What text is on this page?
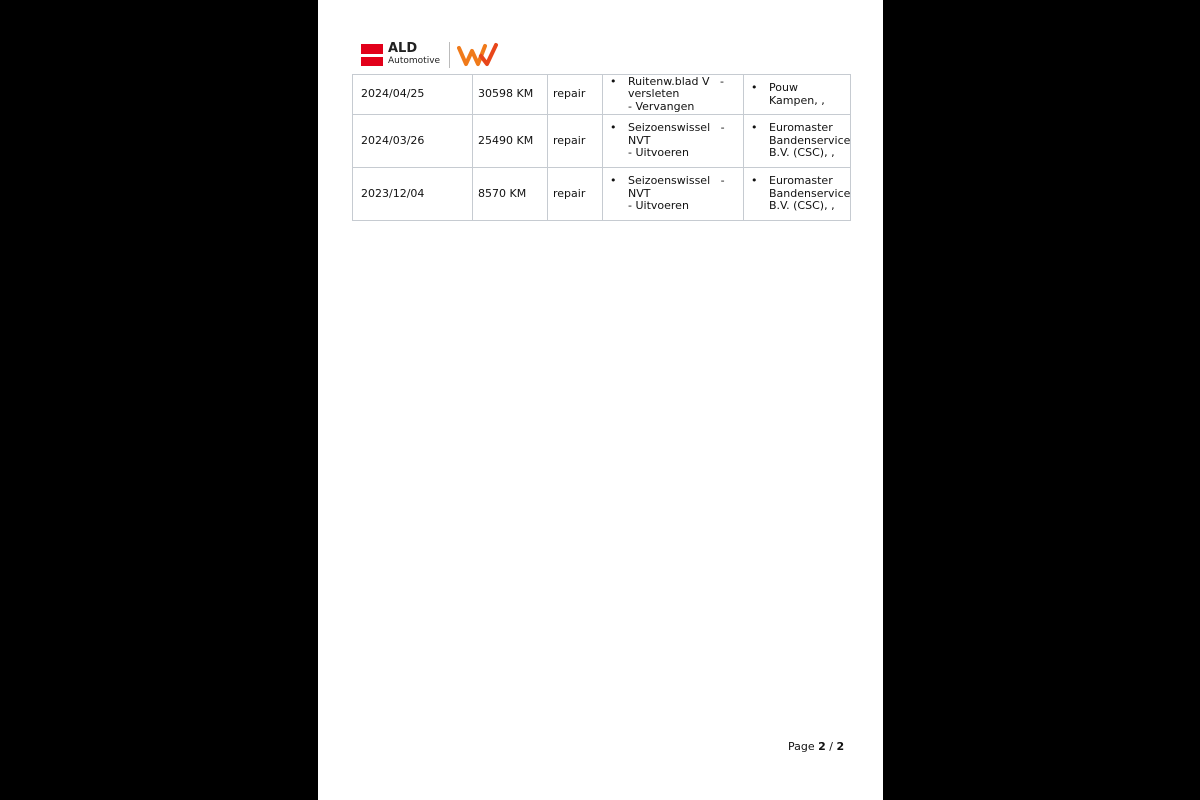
ALD
Automotive
2024/04/25	30598 KM	repair	• Ruitenw.blad V   -
versleten
- Vervangen	• Pouw
Kampen, ,

2024/03/26	25490 KM	repair	• Seizoenswissel   -
NVT
- Uitvoeren	• Euromaster
Bandenservice
B.V. (CSC), ,

2023/12/04	8570 KM	repair	• Seizoenswissel   -
NVT
- Uitvoeren	• Euromaster
Bandenservice
B.V. (CSC), ,
Page 2 / 2
